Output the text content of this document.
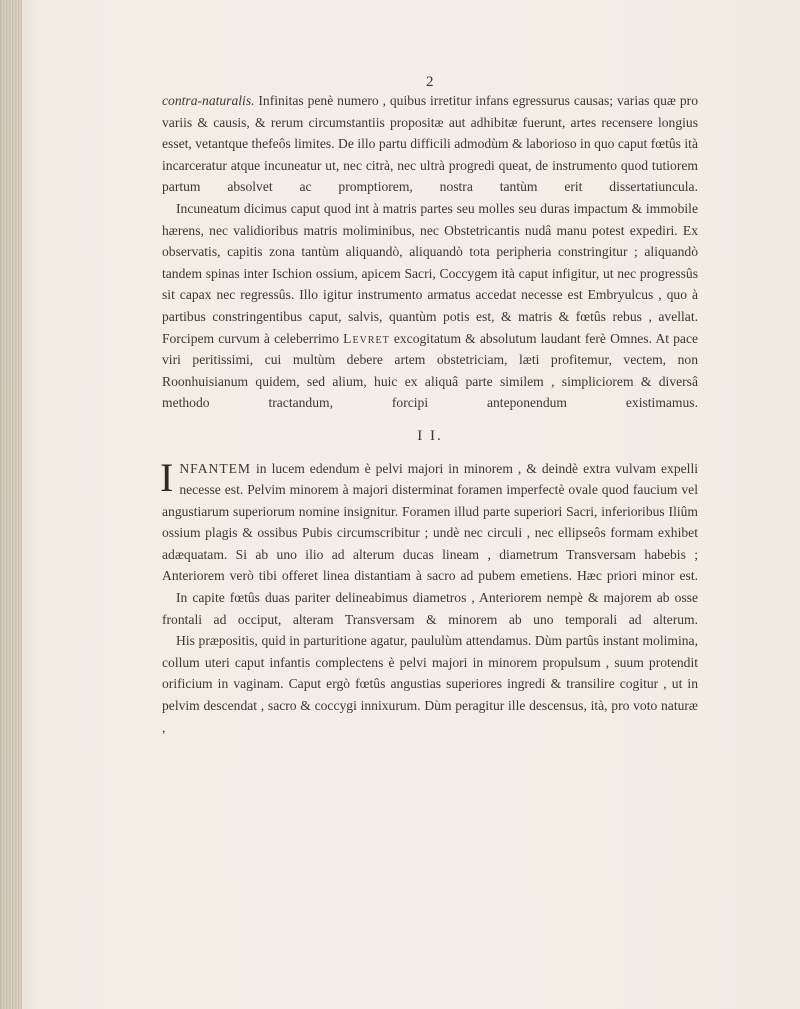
2

contra-naturalis. Infinitas penè numero , quibus irretitur infans egressurus causas; varias quæ pro variis & causis, & rerum circumstantiis propositæ aut adhibitæ fuerunt, artes recensere longius esset, vetantque thefeôs limites. De illo partu difficili admodùm & laborioso in quo caput fœtûs ità incarceratur atque incuneatur ut, nec citrà, nec ultrà progredi queat, de instrumento quod tutiorem partum absolvet ac promptiorem, nostra tantùm erit dissertatiuncula.

Incuneatum dicimus caput quod int à matris partes seu molles seu duras impactum & immobile hærens, nec validioribus matris moliminibus, nec Obstetricantis nudâ manu potest expediri. Ex observatis, capitis zona tantùm aliquandò, aliquandò tota peripheria constringitur ; aliquandò tandem spinas inter Ischion ossium, apicem Sacri, Coccygem ità caput infigitur, ut nec progressûs sit capax nec regressûs. Illo igitur instrumento armatus accedat necesse est Embryulcus , quo à partibus constringentibus caput, salvis, quantùm potis est, & matris & fœtûs rebus , avellat. Forcipem curvum à celeberrimo Levret excogitatum & absolutum laudant ferè Omnes. At pace viri peritissimi, cui multùm debere artem obstetriciam, læti profitemur, vectem, non Roonhuisianum quidem, sed alium, huic ex aliquâ parte similem , simpliciorem & diversâ methodo tractandum, forcipi anteponendum existimamus.

I I.

INFANTEM in lucem edendum è pelvi majori in minorem , & deindè extra vulvam expelli necesse est. Pelvim minorem à majori disterminat foramen imperfectè ovale quod faucium vel angustiarum superiorum nomine insignitur. Foramen illud parte superiori Sacri, inferioribus Iliûm ossium plagis & ossibus Pubis circumscribitur ; undè nec circuli , nec ellipseôs formam exhibet adæquatam. Si ab uno ilio ad alterum ducas lineam , diametrum Transversam habebis ; Anteriorem verò tibi offeret linea distantiam à sacro ad pubem emetiens. Hæc priori minor est.

In capite fœtûs duas pariter delineabimus diametros , Anteriorem nempè & majorem ab osse frontali ad occiput, alteram Transversam & minorem ab uno temporali ad alterum.

His præpositis, quid in parturitione agatur, paululùm attendamus. Dùm partûs instant molimina, collum uteri caput infantis complectens è pelvi majori in minorem propulsum , suum protendit orificium in vaginam. Caput ergò fœtûs angustias superiores ingredi & transilire cogitur , ut in pelvim descendat , sacro & coccygi innixurum. Dùm peragitur ille descensus, ità, pro voto naturæ ,
